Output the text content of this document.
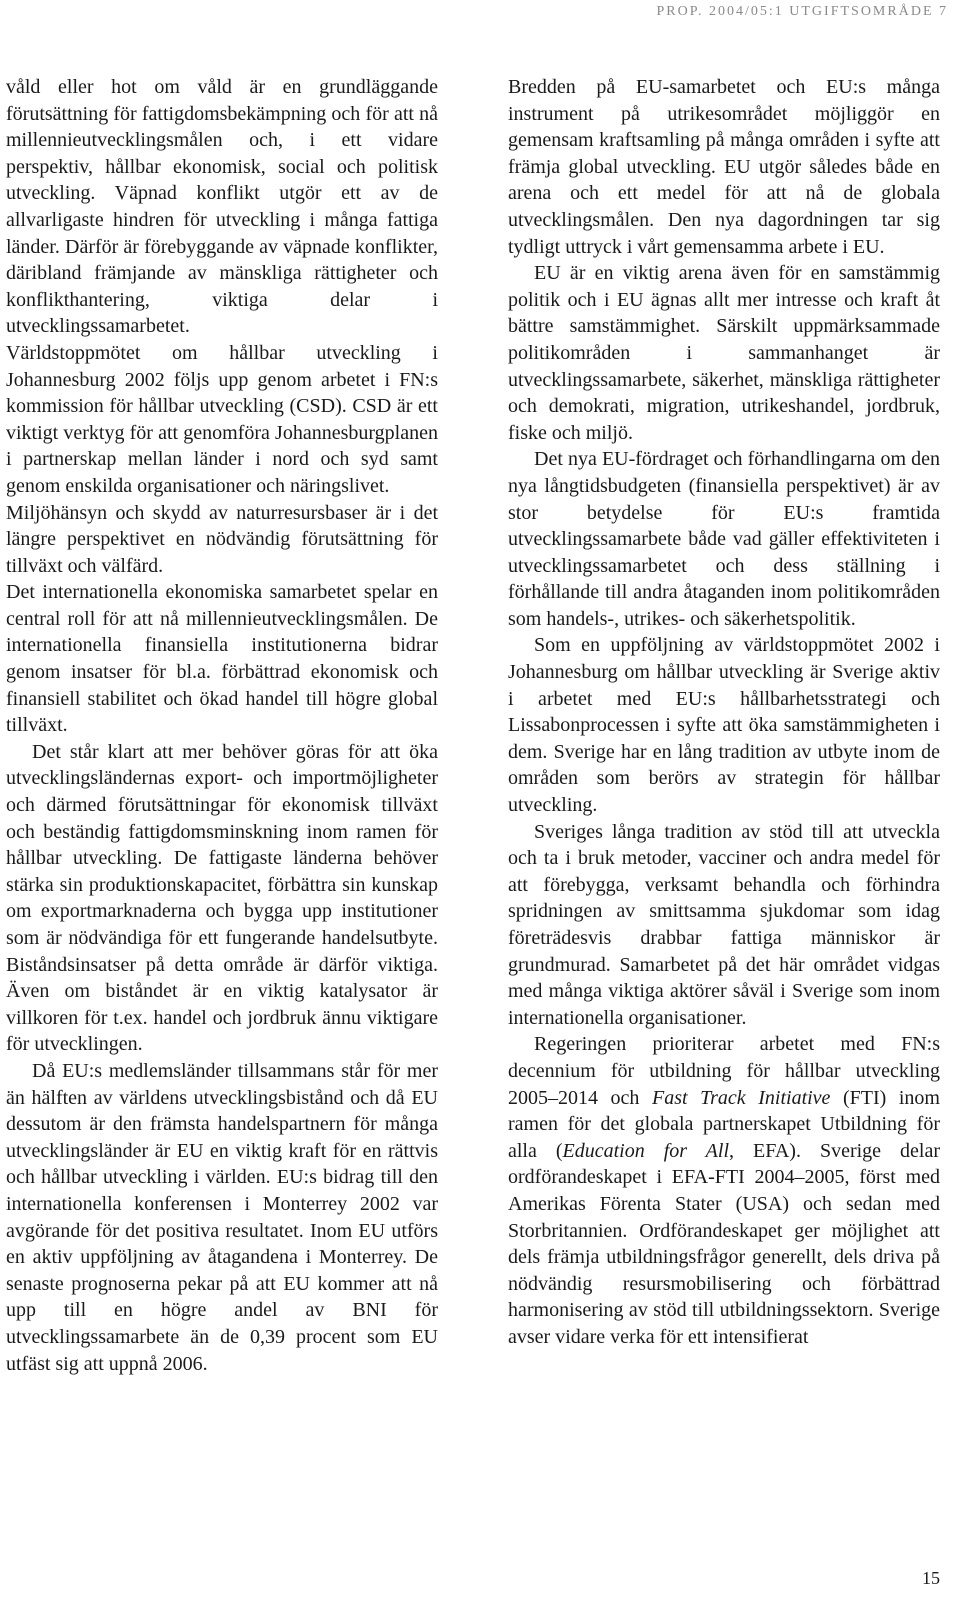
PROP. 2004/05:1 UTGIFTSOMRÅDE 7

våld eller hot om våld är en grundläggande förutsättning för fattigdomsbekämpning och för att nå millennieutvecklingsmålen och, i ett vidare perspektiv, hållbar ekonomisk, social och politisk utveckling. Väpnad konflikt utgör ett av de allvarligaste hindren för utveckling i många fattiga länder. Därför är förebyggande av väpnade konflikter, däribland främjande av mänskliga rättigheter och konflikthantering, viktiga delar i utvecklingssamarbetet.

Världstoppmötet om hållbar utveckling i Johannesburg 2002 följs upp genom arbetet i FN:s kommission för hållbar utveckling (CSD). CSD är ett viktigt verktyg för att genomföra Johannesburgplanen i partnerskap mellan länder i nord och syd samt genom enskilda organisationer och näringslivet.

Miljöhänsyn och skydd av naturresursbaser är i det längre perspektivet en nödvändig förutsättning för tillväxt och välfärd.

Det internationella ekonomiska samarbetet spelar en central roll för att nå millennieutvecklingsmålen. De internationella finansiella institutionerna bidrar genom insatser för bl.a. förbättrad ekonomisk och finansiell stabilitet och ökad handel till högre global tillväxt.

Det står klart att mer behöver göras för att öka utvecklingsländernas export- och importmöjligheter och därmed förutsättningar för ekonomisk tillväxt och beständig fattigdomsminskning inom ramen för hållbar utveckling. De fattigaste länderna behöver stärka sin produktionskapacitet, förbättra sin kunskap om exportmarknaderna och bygga upp institutioner som är nödvändiga för ett fungerande handelsutbyte. Biståndsinsatser på detta område är därför viktiga. Även om biståndet är en viktig katalysator är villkoren för t.ex. handel och jordbruk ännu viktigare för utvecklingen.

Då EU:s medlemsländer tillsammans står för mer än hälften av världens utvecklingsbistånd och då EU dessutom är den främsta handelspartnern för många utvecklingsländer är EU en viktig kraft för en rättvis och hållbar utveckling i världen. EU:s bidrag till den internationella konferensen i Monterrey 2002 var avgörande för det positiva resultatet. Inom EU utförs en aktiv uppföljning av åtagandena i Monterrey. De senaste prognoserna pekar på att EU kommer att nå upp till en högre andel av BNI för utvecklingssamarbete än de 0,39 procent som EU utfäst sig att uppnå 2006.

Bredden på EU-samarbetet och EU:s många instrument på utrikesområdet möjliggör en gemensam kraftsamling på många områden i syfte att främja global utveckling. EU utgör således både en arena och ett medel för att nå de globala utvecklingsmålen. Den nya dagordningen tar sig tydligt uttryck i vårt gemensamma arbete i EU.

EU är en viktig arena även för en samstämmig politik och i EU ägnas allt mer intresse och kraft åt bättre samstämmighet. Särskilt uppmärksammade politikområden i sammanhanget är utvecklingssamarbete, säkerhet, mänskliga rättigheter och demokrati, migration, utrikeshandel, jordbruk, fiske och miljö.

Det nya EU-fördraget och förhandlingarna om den nya långtidsbudgeten (finansiella perspektivet) är av stor betydelse för EU:s framtida utvecklingssamarbete både vad gäller effektiviteten i utvecklingssamarbetet och dess ställning i förhållande till andra åtaganden inom politikområden som handels-, utrikes- och säkerhetspolitik.

Som en uppföljning av världstoppmötet 2002 i Johannesburg om hållbar utveckling är Sverige aktiv i arbetet med EU:s hållbarhetsstrategi och Lissabonprocessen i syfte att öka samstämmigheten i dem. Sverige har en lång tradition av utbyte inom de områden som berörs av strategin för hållbar utveckling.

Sveriges långa tradition av stöd till att utveckla och ta i bruk metoder, vacciner och andra medel för att förebygga, verksamt behandla och förhindra spridningen av smittsamma sjukdomar som idag företrädesvis drabbar fattiga människor är grundmurad. Samarbetet på det här området vidgas med många viktiga aktörer såväl i Sverige som inom internationella organisationer.

Regeringen prioriterar arbetet med FN:s decennium för utbildning för hållbar utveckling 2005–2014 och Fast Track Initiative (FTI) inom ramen för det globala partnerskapet Utbildning för alla (Education for All, EFA). Sverige delar ordförandeskapet i EFA-FTI 2004–2005, först med Amerikas Förenta Stater (USA) och sedan med Storbritannien. Ordförandeskapet ger möjlighet att dels främja utbildningsfrågor generellt, dels driva på nödvändig resursmobilisering och förbättrad harmonisering av stöd till utbildningssektorn. Sverige avser vidare verka för ett intensifierat

15
